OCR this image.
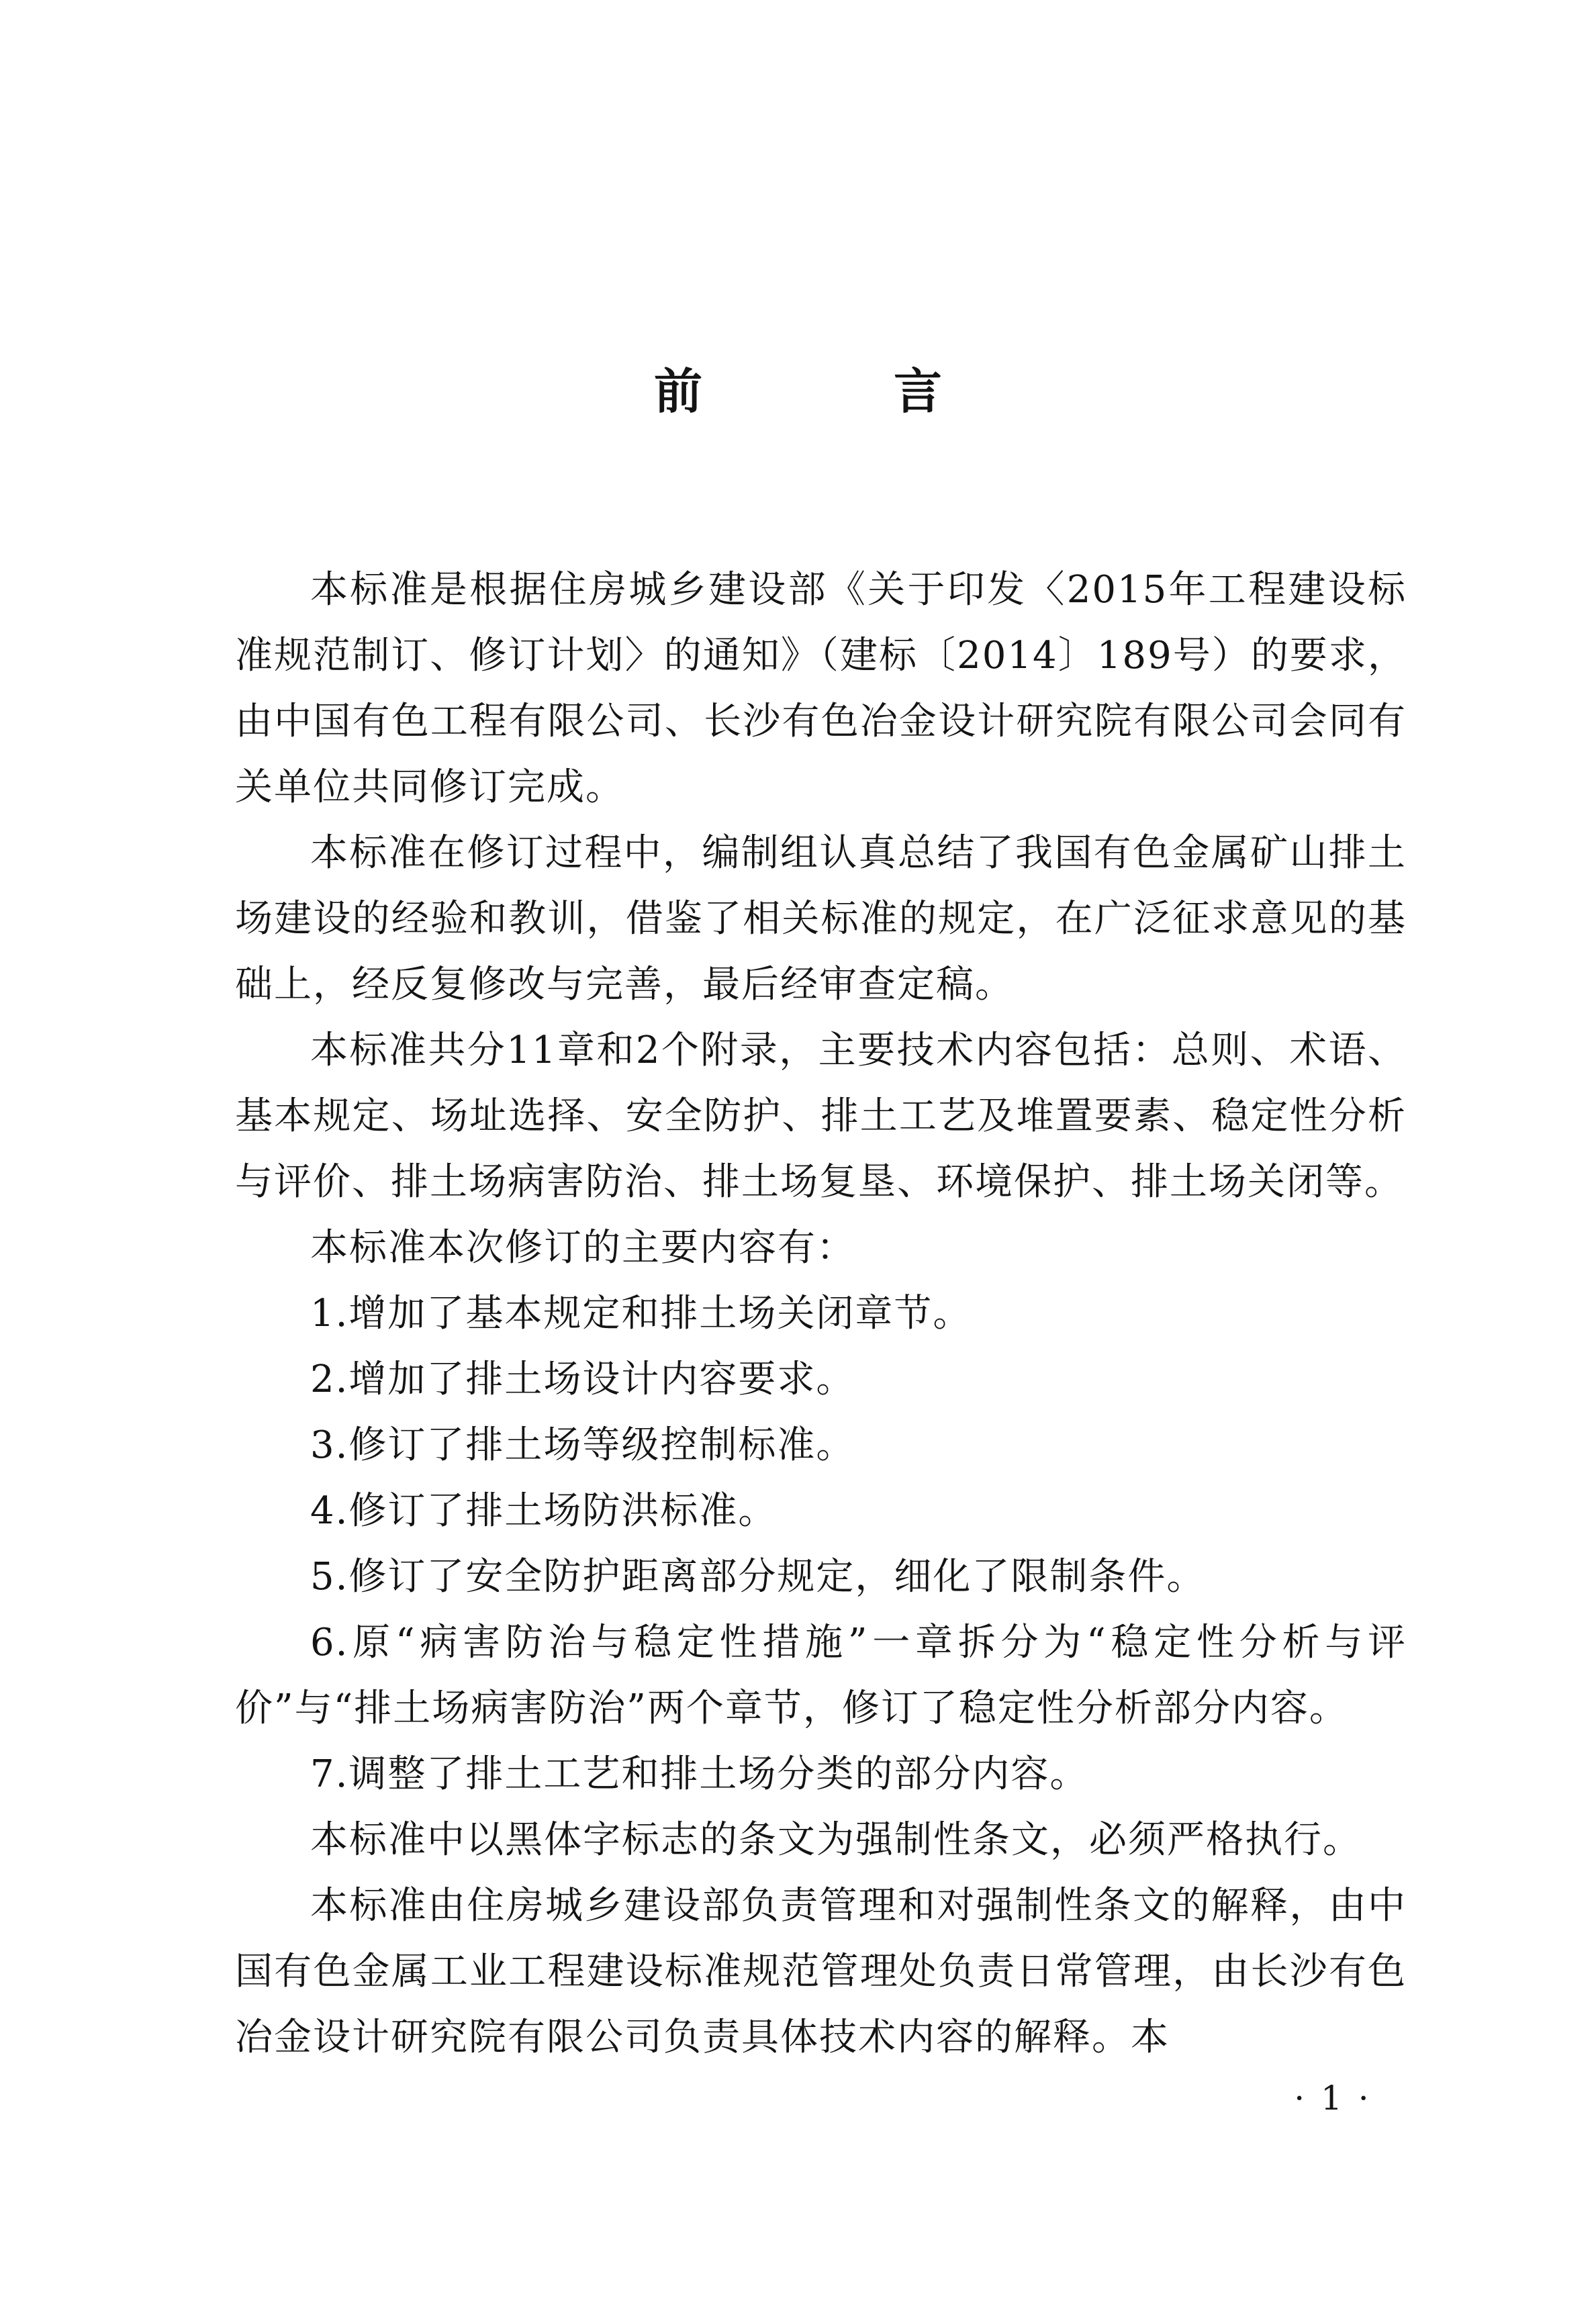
前 言

本标准是根据住房城乡建设部《关于印发〈2015年工程建设标准规范制订、修订计划〉的通知》（建标〔2014〕189号）的要求，由中国有色工程有限公司、长沙有色冶金设计研究院有限公司会同有关单位共同修订完成。

本标准在修订过程中，编制组认真总结了我国有色金属矿山排土场建设的经验和教训，借鉴了相关标准的规定，在广泛征求意见的基础上，经反复修改与完善，最后经审查定稿。

本标准共分11章和2个附录，主要技术内容包括：总则、术语、基本规定、场址选择、安全防护、排土工艺及堆置要素、稳定性分析与评价、排土场病害防治、排土场复垦、环境保护、排土场关闭等。

本标准本次修订的主要内容有：

1.增加了基本规定和排土场关闭章节。

2.增加了排土场设计内容要求。

3.修订了排土场等级控制标准。

4.修订了排土场防洪标准。

5.修订了安全防护距离部分规定，细化了限制条件。

6.原“病害防治与稳定性措施”一章拆分为“稳定性分析与评价”与“排土场病害防治”两个章节，修订了稳定性分析部分内容。

7.调整了排土工艺和排土场分类的部分内容。

本标准中以黑体字标志的条文为强制性条文，必须严格执行。

本标准由住房城乡建设部负责管理和对强制性条文的解释，由中国有色金属工业工程建设标准规范管理处负责日常管理，由长沙有色冶金设计研究院有限公司负责具体技术内容的解释。本

· 1 ·
